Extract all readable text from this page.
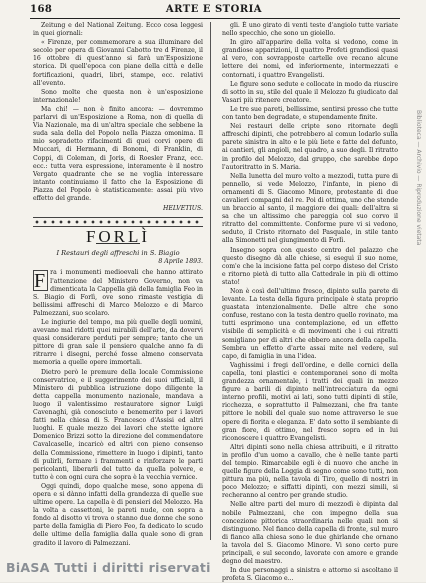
168	ARTE E STORIA

Zeitung e del National Zeitung. Ecco cosa leggesi in quei giornali:

« Firenze, per commemorare a sua illuminare del secolo per opera di Giovanni Cabotto tre d Firenze, il 16 ottobre di quest'anno si farà un'Esposizione storica. Di quell'epoca con piane della città e delle fortificazioni, quadri, libri, stampe, ecc. relativi all'evento.

Sono molte che questa non è un'esposizione internazionale!

Ma chi! — non è finito ancora: — dovremmo parlarvi di un'Esposizione a Roma, non di quella di Via Nazionale, ma di un'altra speciale che sebbene la suda sala della del Popolo nella Piazza omonima. Il mio sopradetto rifacimenti di quei corvi opere di Muccari, di Hermann, di Bonomi, di Franklin, di Coppi, di Coleman, di Joris, di Roesler Franz, ecc. ecc.: tutta vera espressione, interamente è il nostro Vergato quadrante che se ne voglia interessare intanto continuiamo il fatto che la Esposizione di Piazza del Popolo è statisticamente: assai più vivo effetto del grande.

HELVETIUS.
FORLÌ
I Restauri degli affreschi in S. Biagio
8 Aprile 1893.

F ra i monumenti medioevali che hanno attirato l'attenzione del Ministero Governo, non va dimenticata la Cappella già della famiglia Feo in S. Biagio di Forlì, ove sono rimaste vestigia di bellissimi affreschi di Marco Melozzo e di Marco Palmezzani, suo scolaro.

Le ingiurie del tempo, ma più quelle degli uomini, avevano mal ridotti quei mirabili dell'arte, da dovervi quasi considerare perduti per sempre; tanto che un pittore di gran sale il pensiero qualche anno fa di ritrarre i disegni, perché fosse almeno conservata memoria a quelle opere immortali.

Dietro però le premure della locale Commissione conservatrice, e il suggerimento dei suoi ufficiali, il Ministero di pubblica istruzione dopo diligente la detta cappella monumento nazionale, mandava a luogo il valentissimo restauratore signor Luigi Cavenaghi, già conosciuto e benemerito per i lavori fatti nella chiesa di S. Francesco d'Assisi ed altri luoghi. E quale mezzo dei lavori che stette ignore Domenico Brizzi sotto la direzione del commendatore Cavalcaselle, incaricò ed altri con pieno consenso della Commissione, rimettere in luogo i dipinti, tanto di pulirli, fermare i frammenti e rinforzare le parti pericolanti, liberarli del tutto da quella polvere, e tutto è con ogni cura che sopra è la vecchia vernice.

Oggi quindi, dopo qualche mese, sono appena di opera e si dànno infatti della grandezza di quelle sue ultime opere. La capella è di pensieri del Melozzo. Ha la volta a cassettoni, le pareti nude, con sopra a fondo al disotto vi trova o stanno due donne che sono parte della famiglia di Piero Feo, fa dedicato lo scudo delle ultime della famiglia dalla quale sono di gran gradito il lavoro di Palmezzani.

gli. È uno girato di venti teste d'angiolo tutte variate nello specchio, che sono un gioiello.

In giro all'apparire della volta si vedono, come in grandiose apparizioni, il quattro Profeti grandiosi quasi al vero, con sovrapposte cartelle ove recano alcune lettere dei nomi, ed inferiormente, intermezzati e contornati, i quattro Evangelisti.

Le figure sono sedute e collocate in modo da riuscire di sotto in su, stile del quale il Melozzo fu giudicato dal Vasari più ritenere creatore.

Le tre sue pareti, bellissime, sentirsi presso che tutte con tanto ben degradate, e stupendamente finite.

Nei restauri delle cripte sono ritornate degli affreschi dipinti, che potrebbero al comun lodarlo sulla parete sinistra in alto e le più liete e fatte del defunto, ai cantieri, gli angioli, nel quadro, a suo degli. Il ritratto in profilo del Melozzo, dal gruppo, che sarebbe dopo l'autoritratto in S. Maria.

Nella lunetta del muro volto a mezzodì, tutta pure di pennello, si vede Melozzo, l'infante, in pieno di ornamenti di S. Giacomo Minore, protestante di due cavalieri compagni del re. Poi di ottima, uno che stende un braccio al santo, il maggiore dei quali: dell'altra si sa che un altissimo che pareggia col suo corvo il ritratto del committente. Conforme pure vi si vedono, seduto, il Cristo ritornato del Pasquale, in stile tanto alla Simonetti nel giungimento di Forlì.

Insegno sopra con questo centro del palazzo che questo disegno dà alle chiese, si eseguì il suo nome, com'e che la incisione fatta pel corpo disteso del Cristo e ritorno pietà di tutto alla Cattedrale in più di ottimo stato!

Non è così dell'ultimo fresco, dipinto sulla parete di levante. La testa della figura principale è stata proprio guastata intenzionalmente. Delle altre che sono confuse, restano con la testa dentro quello rovinato, ma tutti esprimono una contemplazione, ed un effetto visibile di semplicità e di movimenti che i cui ritratti somigliano per di altri che ebbero ancora della capella. Sembra un effetto d'arte assai mite nel vedere, sul capo, di famiglia in una l'idea.

Vaghissimi i fregi dell'ordine, e delle cornici della capella, toni plastici e contemporanei sono di molta grandezza ornamentale, i tratti dei quali in mezzo figure a barili di dipinto nell'intrecciatura da ogni interno profili, motivi ai lati, sono tutti dipinti di stile, ricchezza, e soprattutto il Palmezzani, che fra tante pittore le nobili del quale suo nome attraverso le sue opere di fiorita e eleganza. E' dato sotto il sembiante di gran fiore, di ottimo, nel fresco sopra ed in lui riconoscere i quattro Evangelisti.

Altri dipinti sono nella chiesa attribuiti, e il ritratto in profilo d'un uomo a cavallo, che è nelle tante parti del tempio. Rimarcabile egli è di nuovo che anche in quelle figure della Loggia di segno come sono tutti, non pittura ma più, nella tavola di Tiro, quello di nostri in poco Melozzo; e siffatti dipinti, con mezzi simili, si recheranno al centro per grande studio.

Nelle altre parti del muro di mezzodì è dipinta dal nobile Palmezzani, che con impegno della sua concezione pittorica straordinaria nelle quali non si distinguono. Nel fianco della capella di fronte, sul muro di fianco alla chiesa sono le due ghirlande che ornano la tavola del S. Giacomo Minore. Vi sono certo pure principali, e sul secondo, lavorate con amore e grande degno del maestro.

In due personaggi a sinistra e attorno si ascoltano il profeta S. Giacomo e...

Biblioteca — Archivio — Riproduzione vietata
BiASA Tutti i diritti riservati
